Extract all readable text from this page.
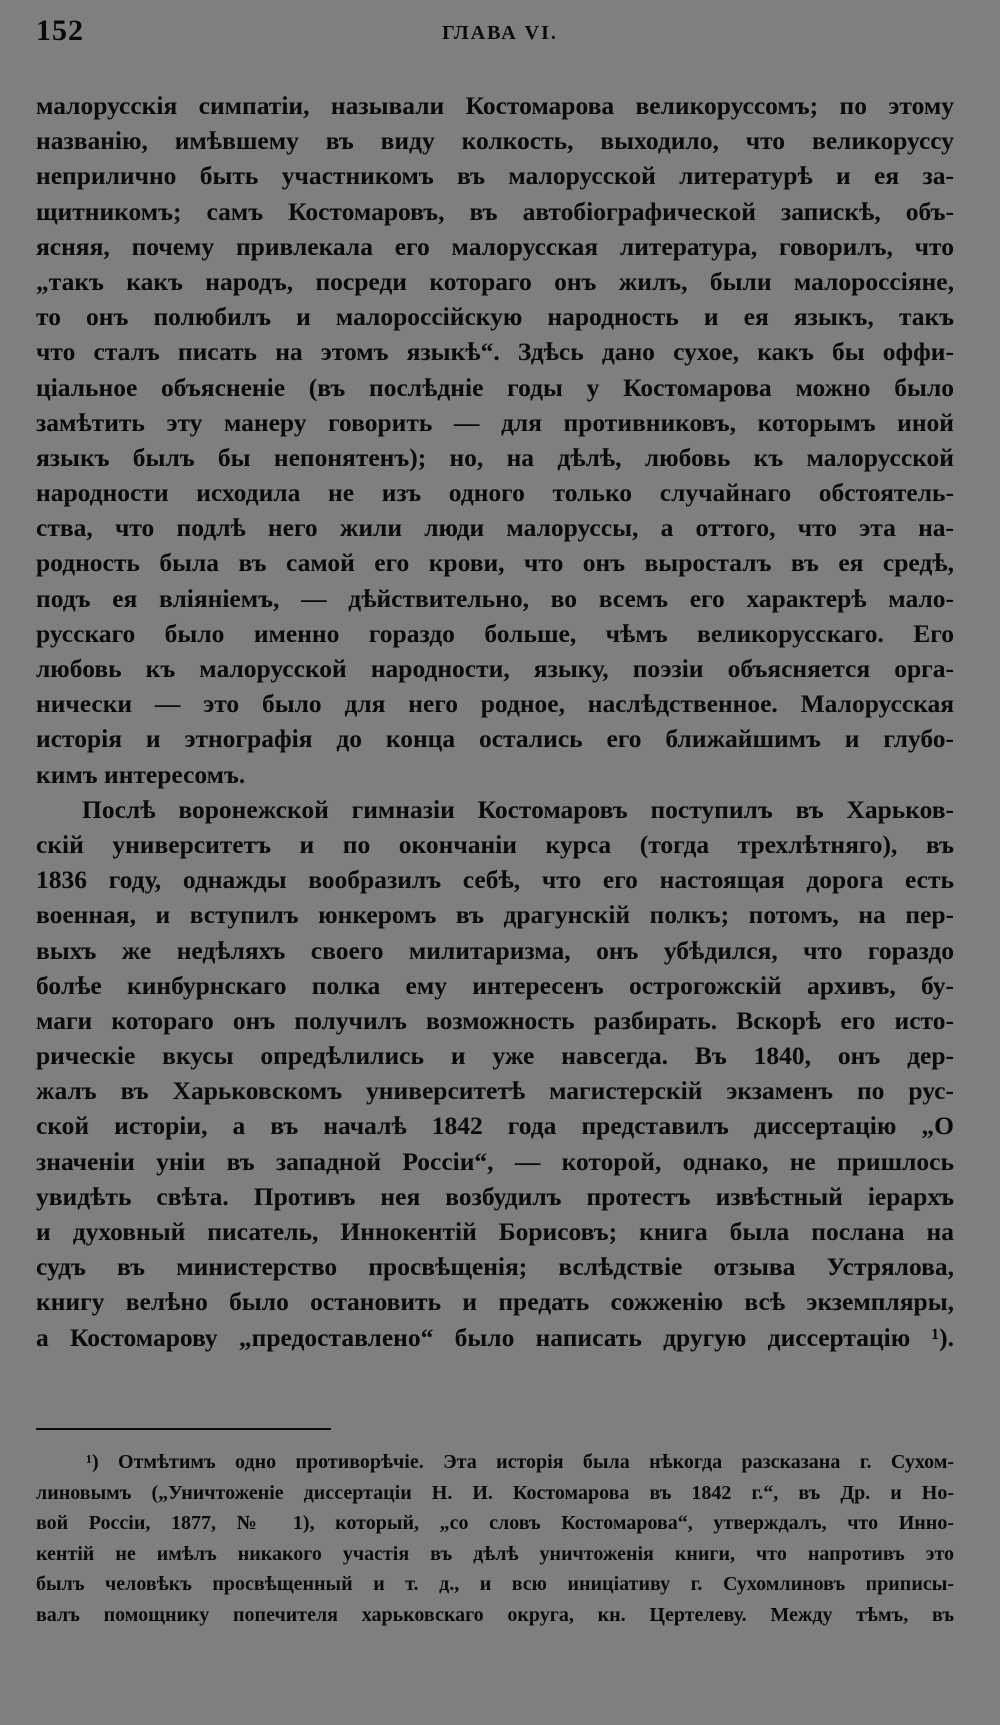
152	ГЛАВА VI.
малорусскія симпатіи, называли Костомарова великоруссомъ; по этому
названію, имѣвшему въ виду колкость, выходило, что великоруссу
неприлично быть участникомъ въ малорусской литературѣ и ея за-
щитникомъ; самъ Костомаровъ, въ автобіографической запискѣ, объ-
ясняя, почему привлекала его малорусская литература, говорилъ, что
„такъ какъ народъ, посреди котораго онъ жилъ, были малороссіяне,
то онъ полюбилъ и малороссійскую народность и ея языкъ, такъ
что сталъ писать на этомъ языкѣ“. Здѣсь дано сухое, какъ бы оффи-
ціальное объясненіе (въ послѣдніе годы у Костомарова можно было
замѣтить эту манеру говорить — для противниковъ, которымъ иной
языкъ былъ бы непонятенъ); но, на дѣлѣ, любовь къ малорусской
народности исходила не изъ одного только случайнаго обстоятель-
ства, что подлѣ него жили люди малоруссы, а оттого, что эта на-
родность была въ самой его крови, что онъ выросталъ въ ея средѣ,
подъ ея вліяніемъ, — дѣйствительно, во всемъ его характерѣ мало-
русскаго было именно гораздо больше, чѣмъ великорусскаго. Его
любовь къ малорусской народности, языку, поэзіи объясняется орга-
нически — это было для него родное, наслѣдственное. Малорусская
исторія и этнографія до конца остались его ближайшимъ и глубо-
кимъ интересомъ.
Послѣ воронежской гимназіи Костомаровъ поступилъ въ Харьков-
скій университетъ и по окончаніи курса (тогда трехлѣтняго), въ
1836 году, однажды вообразилъ себѣ, что его настоящая дорога есть
военная, и вступилъ юнкеромъ въ драгунскій полкъ; потомъ, на пер-
выхъ же недѣляхъ своего милитаризма, онъ убѣдился, что гораздо
болѣе кинбурнскаго полка ему интересенъ острогожскій архивъ, бу-
маги котораго онъ получилъ возможность разбирать. Вскорѣ его исто-
рическіе вкусы опредѣлились и уже навсегда. Въ 1840, онъ дер-
жалъ въ Харьковскомъ университетѣ магистерскій экзаменъ по рус-
ской исторіи, а въ началѣ 1842 года представилъ диссертацію „О
значеніи уніи въ западной Россіи“, — которой, однако, не пришлось
увидѣть свѣта. Противъ нея возбудилъ протестъ извѣстный іерархъ
и духовный писатель, Иннокентій Борисовъ; книга была послана на
судъ въ министерство просвѣщенія; вслѣдствіе отзыва Устрялова,
книгу велѣно было остановить и предать сожженію всѣ экземпляры,
а Костомарову „предоставлено“ было написать другую диссертацію ¹).
¹) Отмѣтимъ одно противорѣчіе. Эта исторія была нѣкогда разсказана г. Сухом-
линовымъ („Уничтоженіе диссертаціи Н. И. Костомарова въ 1842 г.“, въ Др. и Но-
вой Россіи, 1877, № 1), который, „со словъ Костомарова“, утверждалъ, что Инно-
кентій не имѣлъ никакого участія въ дѣлѣ уничтоженія книги, что напротивъ это
былъ человѣкъ просвѣщенный и т. д., и всю иниціативу г. Сухомлиновъ приписы-
валъ помощнику попечителя харьковскаго округа, кн. Цертелеву. Между тѣмъ, въ
